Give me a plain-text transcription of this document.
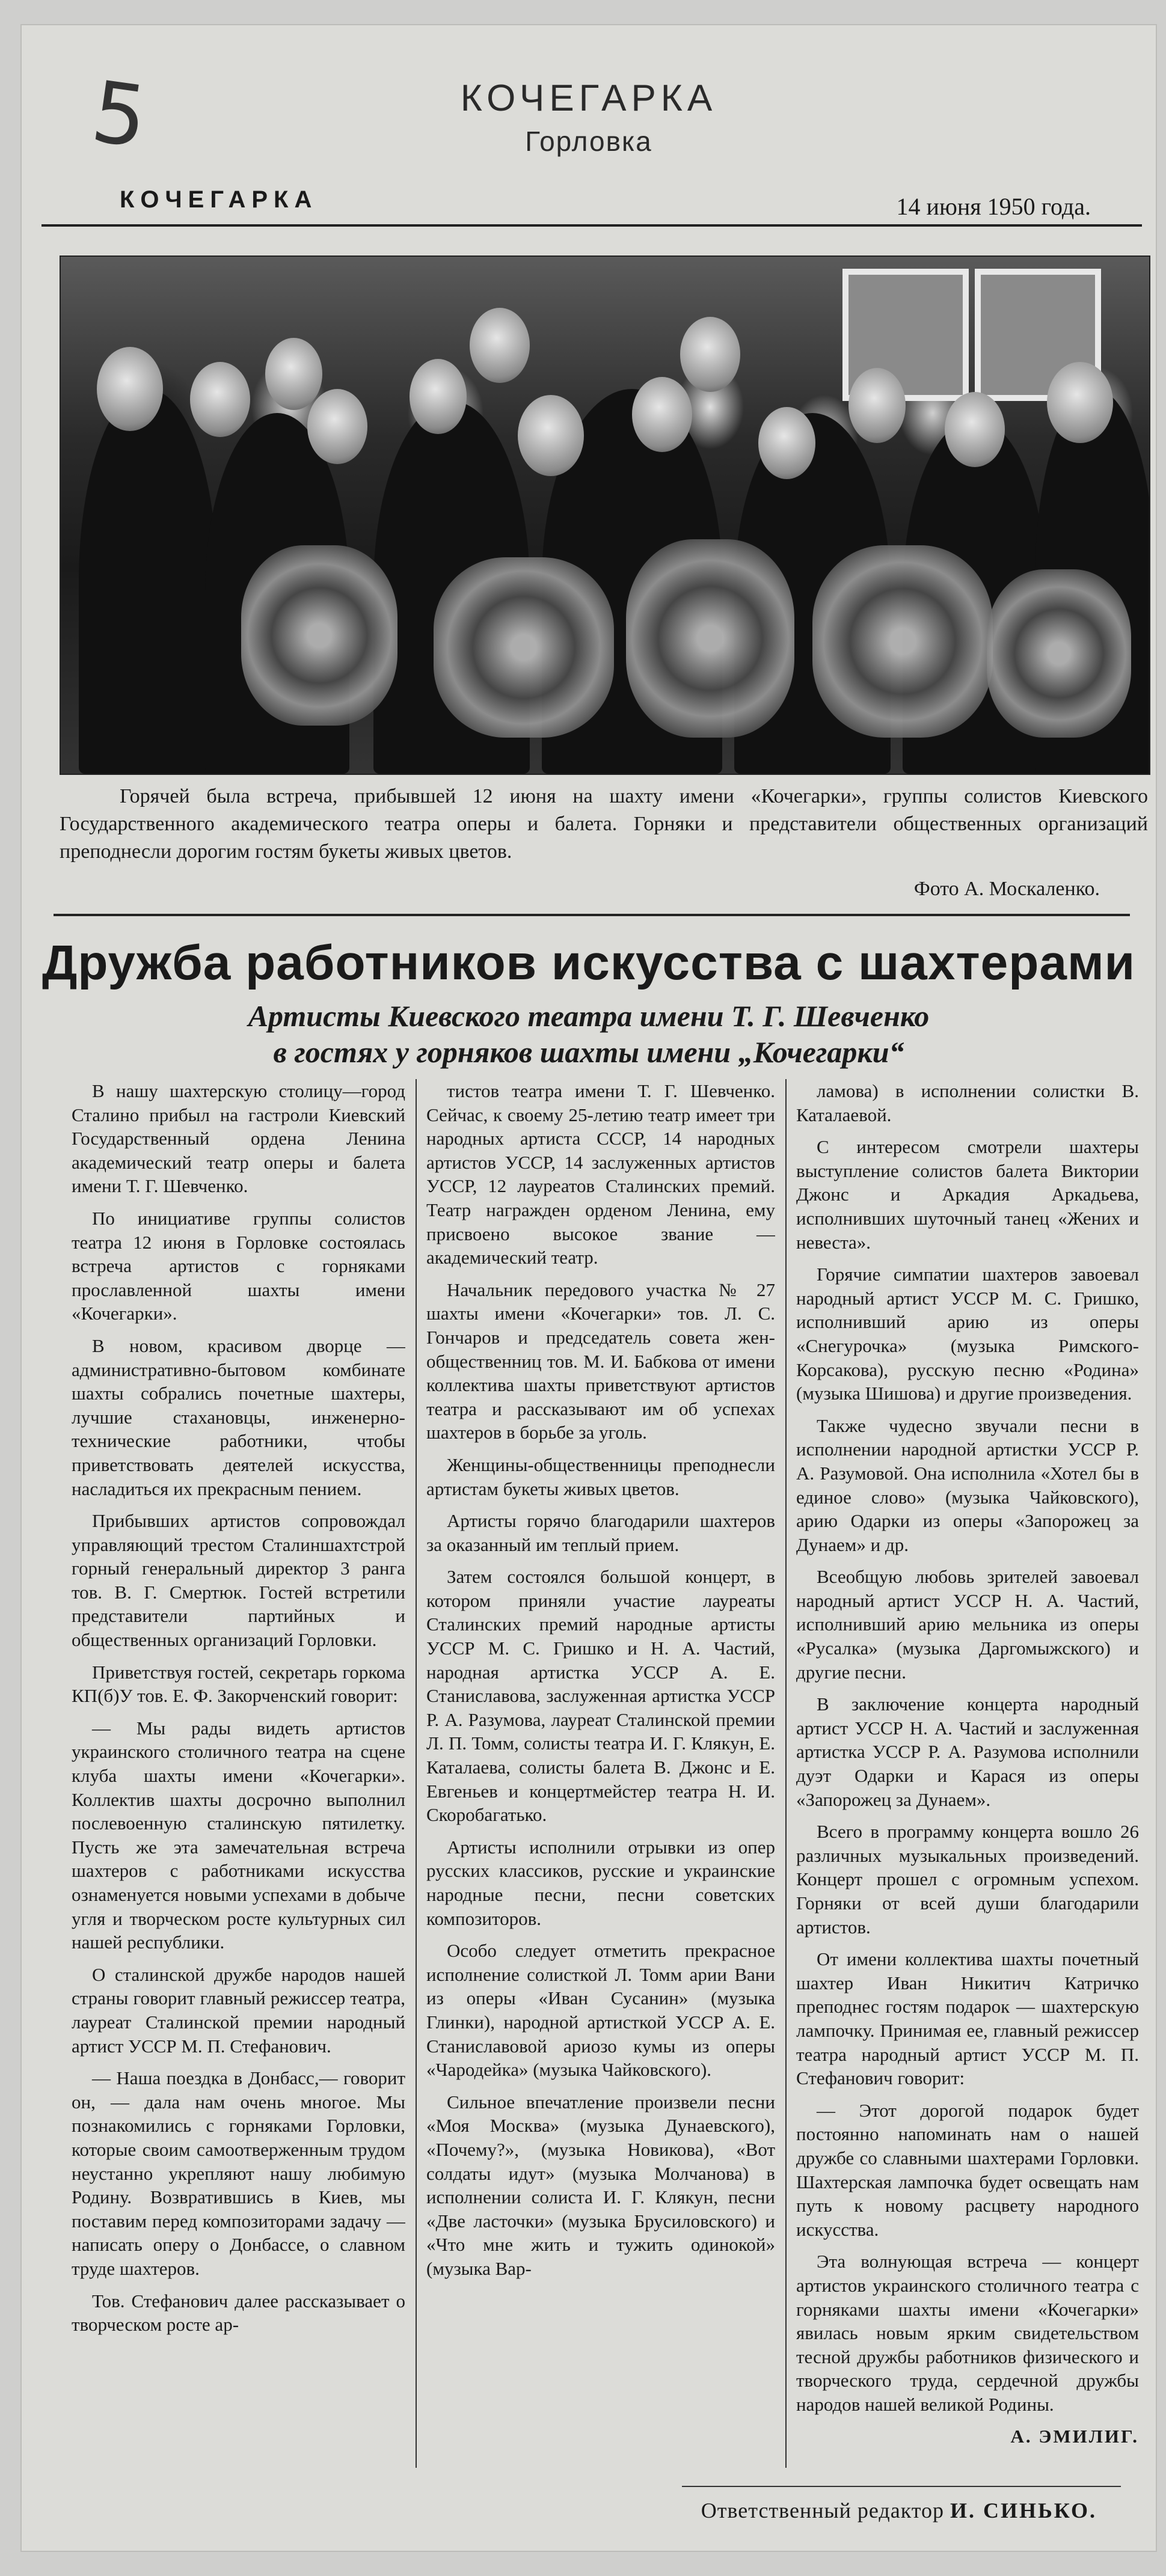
5	КОЧЕГАРКА
Горловка
КОЧЕГАРКА	14 июня 1950 года.
Горячей была встреча, прибывшей 12 июня на шахту имени «Кочегарки», группы солистов Киевского Государственного академического театра оперы и балета. Горняки и представители общественных организаций преподнесли дорогим гостям букеты живых цветов.
Фото А. Москаленко.
Дружба работников искусства с шахтерами
Артисты Киевского театра имени Т. Г. Шевченко
в гостях у горняков шахты имени „Кочегарки“

В нашу шахтерскую столицу—город Сталино прибыл на гастроли Киевский Государственный ордена Ленина академический театр оперы и балета имени Т. Г. Шевченко.

По инициативе группы солистов театра 12 июня в Горловке состоялась встреча артистов с горняками прославленной шахты имени «Кочегарки».

В новом, красивом дворце — административно-бытовом комбинате шахты собрались почетные шахтеры, лучшие стахановцы, инженерно-технические работники, чтобы приветствовать деятелей искусства, насладиться их прекрасным пением.

Прибывших артистов сопровождал управляющий трестом Сталиншахтстрой горный генеральный директор 3 ранга тов. В. Г. Смертюк. Гостей встретили представители партийных и общественных организаций Горловки.

Приветствуя гостей, секретарь горкома КП(б)У тов. Е. Ф. Закорченский говорит:

— Мы рады видеть артистов украинского столичного театра на сцене клуба шахты имени «Кочегарки». Коллектив шахты досрочно выполнил послевоенную сталинскую пятилетку. Пусть же эта замечательная встреча шахтеров с работниками искусства ознаменуется новыми успехами в добыче угля и творческом росте культурных сил нашей республики.

О сталинской дружбе народов нашей страны говорит главный режиссер театра, лауреат Сталинской премии народный артист УССР М. П. Стефанович.

— Наша поездка в Донбасс,— говорит он, — дала нам очень многое. Мы познакомились с горняками Горловки, которые своим самоотверженным трудом неустанно укрепляют нашу любимую Родину. Возвратившись в Киев, мы поставим перед композиторами задачу — написать оперу о Донбассе, о славном труде шахтеров.

Тов. Стефанович далее рассказывает о творческом росте ар-

тистов театра имени Т. Г. Шевченко. Сейчас, к своему 25-летию театр имеет три народных артиста СССР, 14 народных артистов УССР, 14 заслуженных артистов УССР, 12 лауреатов Сталинских премий. Театр награжден орденом Ленина, ему присвоено высокое звание — академический театр.

Начальник передового участка № 27 шахты имени «Кочегарки» тов. Л. С. Гончаров и председатель совета жен-общественниц тов. М. И. Бабкова от имени коллектива шахты приветствуют артистов театра и рассказывают им об успехах шахтеров в борьбе за уголь.

Женщины-общественницы преподнесли артистам букеты живых цветов.

Артисты горячо благодарили шахтеров за оказанный им теплый прием.

Затем состоялся большой концерт, в котором приняли участие лауреаты Сталинских премий народные артисты УССР М. С. Гришко и Н. А. Частий, народная артистка УССР А. Е. Станиславова, заслуженная артистка УССР Р. А. Разумова, лауреат Сталинской премии Л. П. Томм, солисты театра И. Г. Клякун, Е. Каталаева, солисты балета В. Джонс и Е. Евгеньев и концертмейстер театра Н. И. Скоробагатько.

Артисты исполнили отрывки из опер русских классиков, русские и украинские народные песни, песни советских композиторов.

Особо следует отметить прекрасное исполнение солисткой Л. Томм арии Вани из оперы «Иван Сусанин» (музыка Глинки), народной артисткой УССР А. Е. Станиславовой ариозо кумы из оперы «Чародейка» (музыка Чайковского).

Сильное впечатление произвели песни «Моя Москва» (музыка Дунаевского), «Почему?», (музыка Новикова), «Вот солдаты идут» (музыка Молчанова) в исполнении солиста И. Г. Клякун, песни «Две ласточки» (музыка Брусиловского) и «Что мне жить и тужить одинокой» (музыка Вар-

ламова) в исполнении солистки В. Каталаевой.

С интересом смотрели шахтеры выступление солистов балета Виктории Джонс и Аркадия Аркадьева, исполнивших шуточный танец «Жених и невеста».

Горячие симпатии шахтеров завоевал народный артист УССР М. С. Гришко, исполнивший арию из оперы «Снегурочка» (музыка Римского-Корсакова), русскую песню «Родина» (музыка Шишова) и другие произведения.

Также чудесно звучали песни в исполнении народной артистки УССР Р. А. Разумовой. Она исполнила «Хотел бы в единое слово» (музыка Чайковского), арию Одарки из оперы «Запорожец за Дунаем» и др.

Всеобщую любовь зрителей завоевал народный артист УССР Н. А. Частий, исполнивший арию мельника из оперы «Русалка» (музыка Даргомыжского) и другие песни.

В заключение концерта народный артист УССР Н. А. Частий и заслуженная артистка УССР Р. А. Разумова исполнили дуэт Одарки и Карася из оперы «Запорожец за Дунаем».

Всего в программу концерта вошло 26 различных музыкальных произведений. Концерт прошел с огромным успехом. Горняки от всей души благодарили артистов.

От имени коллектива шахты почетный шахтер Иван Никитич Катричко преподнес гостям подарок — шахтерскую лампочку. Принимая ее, главный режиссер театра народный артист УССР М. П. Стефанович говорит:

— Этот дорогой подарок будет постоянно напоминать нам о нашей дружбе со славными шахтерами Горловки. Шахтерская лампочка будет освещать нам путь к новому расцвету народного искусства.

Эта волнующая встреча — концерт артистов украинского столичного театра с горняками шахты имени «Кочегарки» явилась новым ярким свидетельством тесной дружбы работников физического и творческого труда, сердечной дружбы народов нашей великой Родины.

А. ЭМИЛИГ.

Ответственный редактор И. СИНЬКО.
